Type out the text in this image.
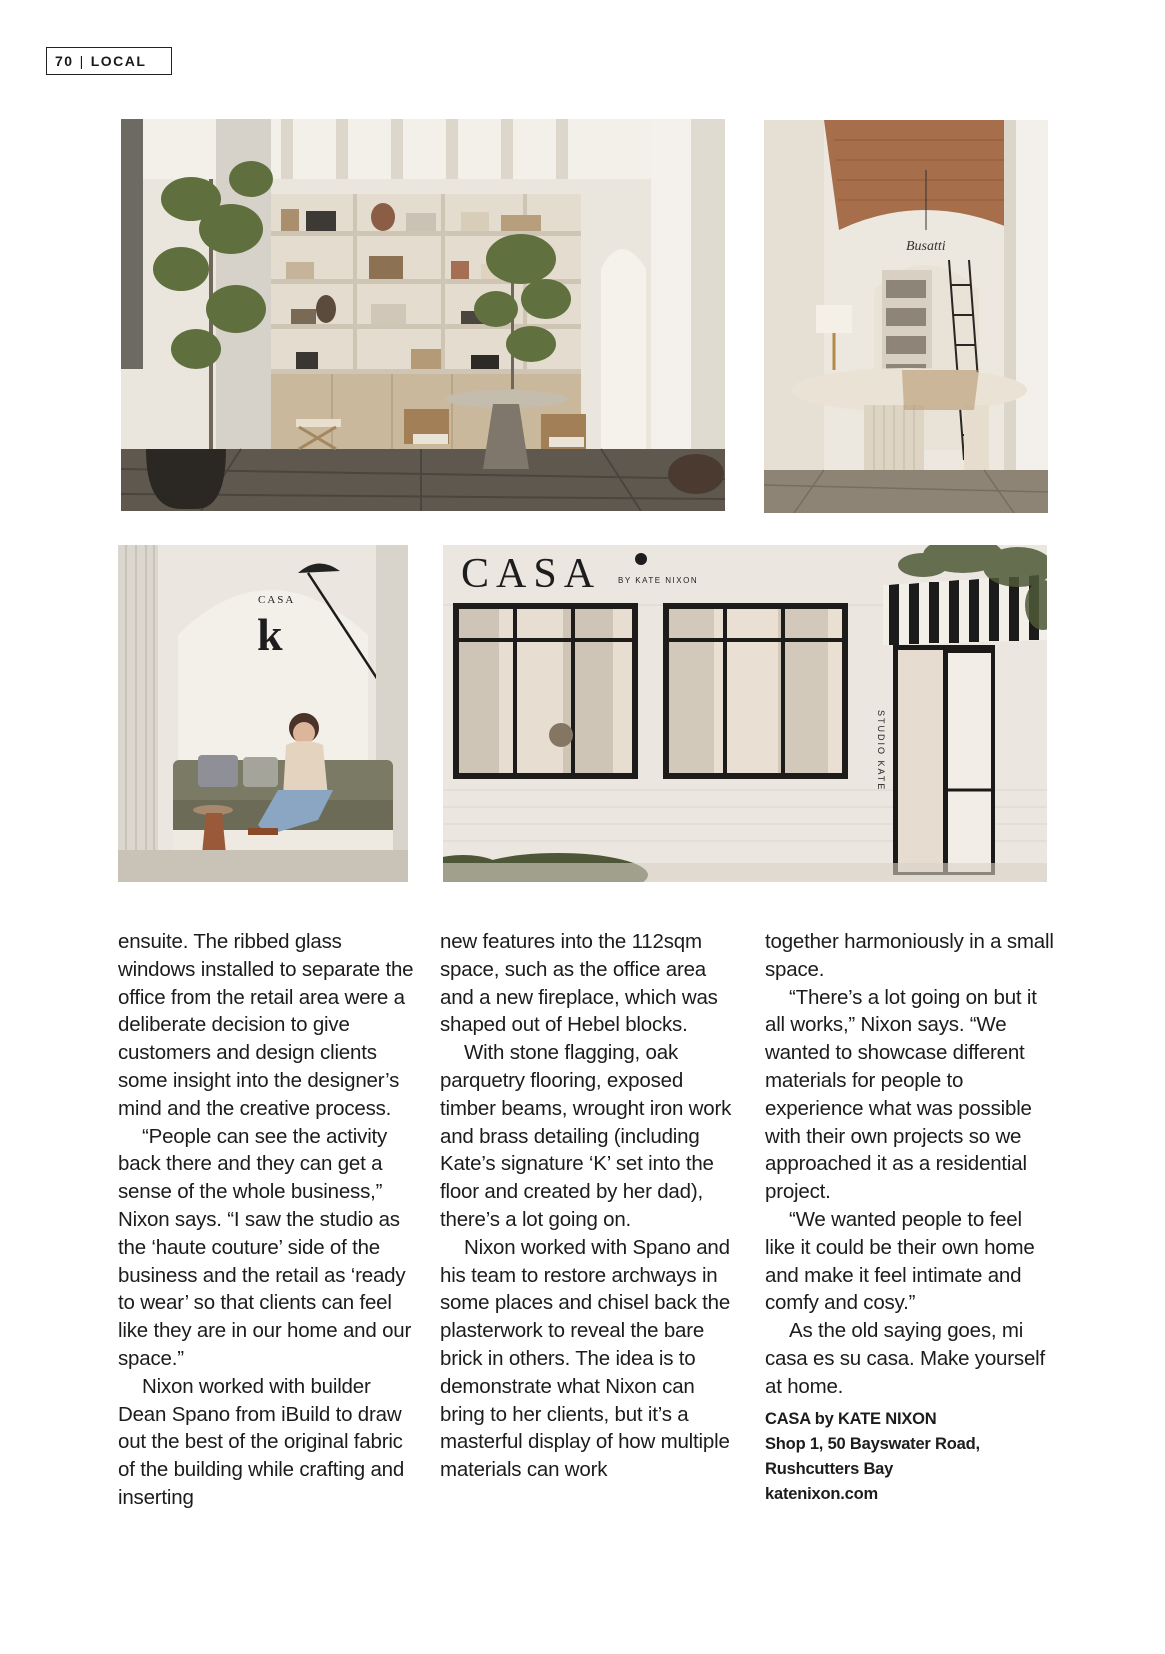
70 | LOCAL
Busatti
CASA
k
CASA BY KATE NIXON
STUDIO KATE

ensuite. The ribbed glass windows installed to separate the office from the retail area were a deliberate decision to give customers and design clients some insight into the designer’s mind and the creative process.

“People can see the activity back there and they can get a sense of the whole business,” Nixon says. “I saw the studio as the ‘haute couture’ side of the business and the retail as ‘ready to wear’ so that clients can feel like they are in our home and our space.”

Nixon worked with builder Dean Spano from iBuild to draw out the best of the original fabric of the building while crafting and inserting

new features into the 112sqm space, such as the office area and a new fireplace, which was shaped out of Hebel blocks.

With stone flagging, oak parquetry flooring, exposed timber beams, wrought iron work and brass detailing (including Kate’s signature ‘K’ set into the floor and created by her dad), there’s a lot going on.

Nixon worked with Spano and his team to restore archways in some places and chisel back the plasterwork to reveal the bare brick in others. The idea is to demonstrate what Nixon can bring to her clients, but it’s a masterful display of how multiple materials can work

together harmoniously in a small space.

“There’s a lot going on but it all works,” Nixon says. “We wanted to showcase different materials for people to experience what was possible with their own projects so we approached it as a residential project.

“We wanted people to feel like it could be their own home and make it feel intimate and comfy and cosy.”

As the old saying goes, mi casa es su casa. Make yourself at home.

CASA by KATE NIXON
Shop 1, 50 Bayswater Road,
Rushcutters Bay
katenixon.com
